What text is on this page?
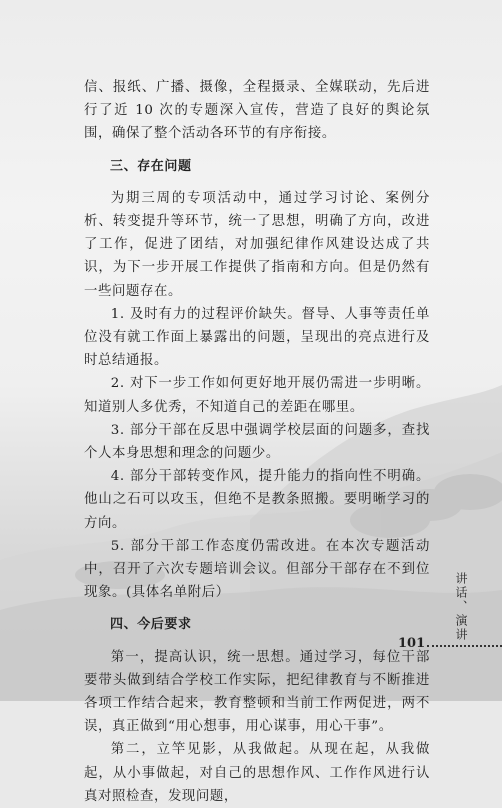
信、报纸、广播、摄像，全程摄录、全媒联动，先后进行了近 10 次的专题深入宣传，营造了良好的舆论氛围，确保了整个活动各环节的有序衔接。

三、存在问题

为期三周的专项活动中，通过学习讨论、案例分析、转变提升等环节，统一了思想，明确了方向，改进了工作，促进了团结，对加强纪律作风建设达成了共识，为下一步开展工作提供了指南和方向。但是仍然有一些问题存在。

1. 及时有力的过程评价缺失。督导、人事等责任单位没有就工作面上暴露出的问题，呈现出的亮点进行及时总结通报。

2. 对下一步工作如何更好地开展仍需进一步明晰。知道别人多优秀，不知道自己的差距在哪里。

3. 部分干部在反思中强调学校层面的问题多，查找个人本身思想和理念的问题少。

4. 部分干部转变作风，提升能力的指向性不明确。他山之石可以攻玉，但绝不是教条照搬。要明晰学习的方向。

5. 部分干部工作态度仍需改进。在本次专题活动中，召开了六次专题培训会议。但部分干部存在不到位现象。(具体名单附后）

四、今后要求

第一，提高认识，统一思想。通过学习，每位干部要带头做到结合学校工作实际，把纪律教育与不断推进各项工作结合起来，教育整顿和当前工作两促进，两不误，真正做到“用心想事，用心谋事，用心干事”。

第二，立竿见影，从我做起。从现在起，从我做起，从小事做起，对自己的思想作风、工作作风进行认真对照检查，发现问题，

讲话、演讲
101
